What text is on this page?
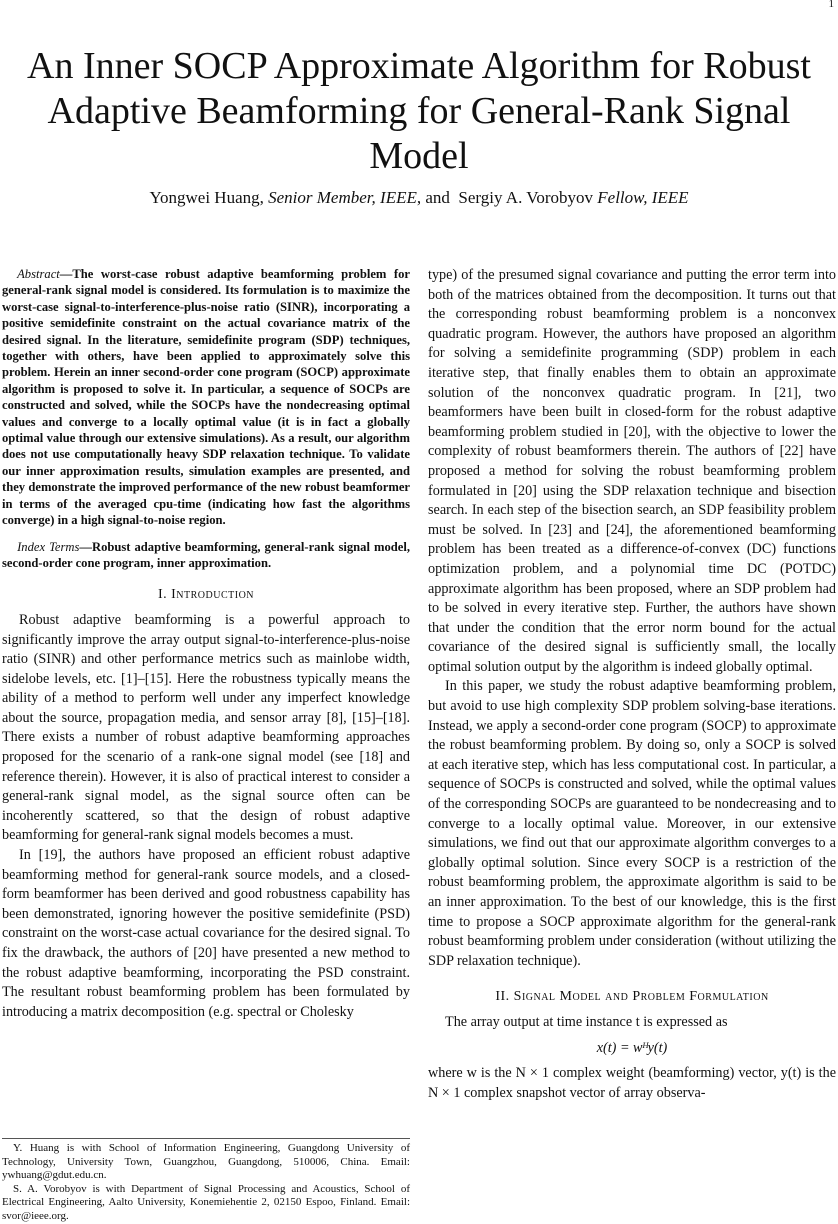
1
An Inner SOCP Approximate Algorithm for Robust Adaptive Beamforming for General-Rank Signal Model
Yongwei Huang, Senior Member, IEEE, and Sergiy A. Vorobyov Fellow, IEEE

Abstract—The worst-case robust adaptive beamforming problem for general-rank signal model is considered. Its formulation is to maximize the worst-case signal-to-interference-plus-noise ratio (SINR), incorporating a positive semidefinite constraint on the actual covariance matrix of the desired signal. In the literature, semidefinite program (SDP) techniques, together with others, have been applied to approximately solve this problem. Herein an inner second-order cone program (SOCP) approximate algorithm is proposed to solve it. In particular, a sequence of SOCPs are constructed and solved, while the SOCPs have the nondecreasing optimal values and converge to a locally optimal value (it is in fact a globally optimal value through our extensive simulations). As a result, our algorithm does not use computationally heavy SDP relaxation technique. To validate our inner approximation results, simulation examples are presented, and they demonstrate the improved performance of the new robust beamformer in terms of the averaged cpu-time (indicating how fast the algorithms converge) in a high signal-to-noise region.

Index Terms—Robust adaptive beamforming, general-rank signal model, second-order cone program, inner approximation.

I. Introduction

Robust adaptive beamforming is a powerful approach to significantly improve the array output signal-to-interference-plus-noise ratio (SINR) and other performance metrics such as mainlobe width, sidelobe levels, etc. [1]–[15]. Here the robustness typically means the ability of a method to perform well under any imperfect knowledge about the source, propagation media, and sensor array [8], [15]–[18]. There exists a number of robust adaptive beamforming approaches proposed for the scenario of a rank-one signal model (see [18] and reference therein). However, it is also of practical interest to consider a general-rank signal model, as the signal source often can be incoherently scattered, so that the design of robust adaptive beamforming for general-rank signal models becomes a must.

In [19], the authors have proposed an efficient robust adaptive beamforming method for general-rank source models, and a closed-form beamformer has been derived and good robustness capability has been demonstrated, ignoring however the positive semidefinite (PSD) constraint on the worst-case actual covariance for the desired signal. To fix the drawback, the authors of [20] have presented a new method to the robust adaptive beamforming, incorporating the PSD constraint. The resultant robust beamforming problem has been formulated by introducing a matrix decomposition (e.g. spectral or Cholesky

type) of the presumed signal covariance and putting the error term into both of the matrices obtained from the decomposition. It turns out that the corresponding robust beamforming problem is a nonconvex quadratic program. However, the authors have proposed an algorithm for solving a semidefinite programming (SDP) problem in each iterative step, that finally enables them to obtain an approximate solution of the nonconvex quadratic program. In [21], two beamformers have been built in closed-form for the robust adaptive beamforming problem studied in [20], with the objective to lower the complexity of robust beamformers therein. The authors of [22] have proposed a method for solving the robust beamforming problem formulated in [20] using the SDP relaxation technique and bisection search. In each step of the bisection search, an SDP feasibility problem must be solved. In [23] and [24], the aforementioned beamforming problem has been treated as a difference-of-convex (DC) functions optimization problem, and a polynomial time DC (POTDC) approximate algorithm has been proposed, where an SDP problem had to be solved in every iterative step. Further, the authors have shown that under the condition that the error norm bound for the actual covariance of the desired signal is sufficiently small, the locally optimal solution output by the algorithm is indeed globally optimal.

In this paper, we study the robust adaptive beamforming problem, but avoid to use high complexity SDP problem solving-base iterations. Instead, we apply a second-order cone program (SOCP) to approximate the robust beamforming problem. By doing so, only a SOCP is solved at each iterative step, which has less computational cost. In particular, a sequence of SOCPs is constructed and solved, while the optimal values of the corresponding SOCPs are guaranteed to be nondecreasing and to converge to a locally optimal value. Moreover, in our extensive simulations, we find out that our approximate algorithm converges to a globally optimal solution. Since every SOCP is a restriction of the robust beamforming problem, the approximate algorithm is said to be an inner approximation. To the best of our knowledge, this is the first time to propose a SOCP approximate algorithm for the general-rank robust beamforming problem under consideration (without utilizing the SDP relaxation technique).

II. Signal Model and Problem Formulation

The array output at time instance t is expressed as

x(t) = wᴴy(t)

where w is the N × 1 complex weight (beamforming) vector, y(t) is the N × 1 complex snapshot vector of array observa-

Y. Huang is with School of Information Engineering, Guangdong University of Technology, University Town, Guangzhou, Guangdong, 510006, China. Email: ywhuang@gdut.edu.cn.

S. A. Vorobyov is with Department of Signal Processing and Acoustics, School of Electrical Engineering, Aalto University, Konemiehentie 2, 02150 Espoo, Finland. Email: svor@ieee.org.
